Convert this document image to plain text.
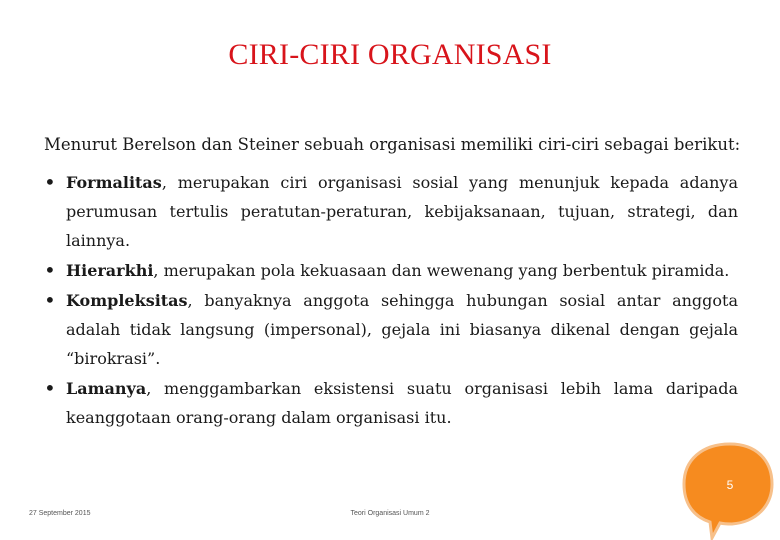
CIRI-CIRI ORGANISASI
Menurut Berelson dan Steiner sebuah organisasi memiliki ciri-ciri sebagai berikut:
• Formalitas, merupakan ciri organisasi sosial yang menunjuk kepada adanya perumusan tertulis peratutan-peraturan, kebijaksanaan, tujuan, strategi, dan lainnya.
• Hierarkhi, merupakan pola kekuasaan dan wewenang yang berbentuk piramida.
• Kompleksitas, banyaknya anggota sehingga hubungan sosial antar anggota adalah tidak langsung (impersonal), gejala ini biasanya dikenal dengan gejala “birokrasi”.
• Lamanya, menggambarkan eksistensi suatu organisasi lebih lama daripada keanggotaan orang-orang dalam organisasi itu.
27 September 2015	Teori Organisasi Umum 2
5
